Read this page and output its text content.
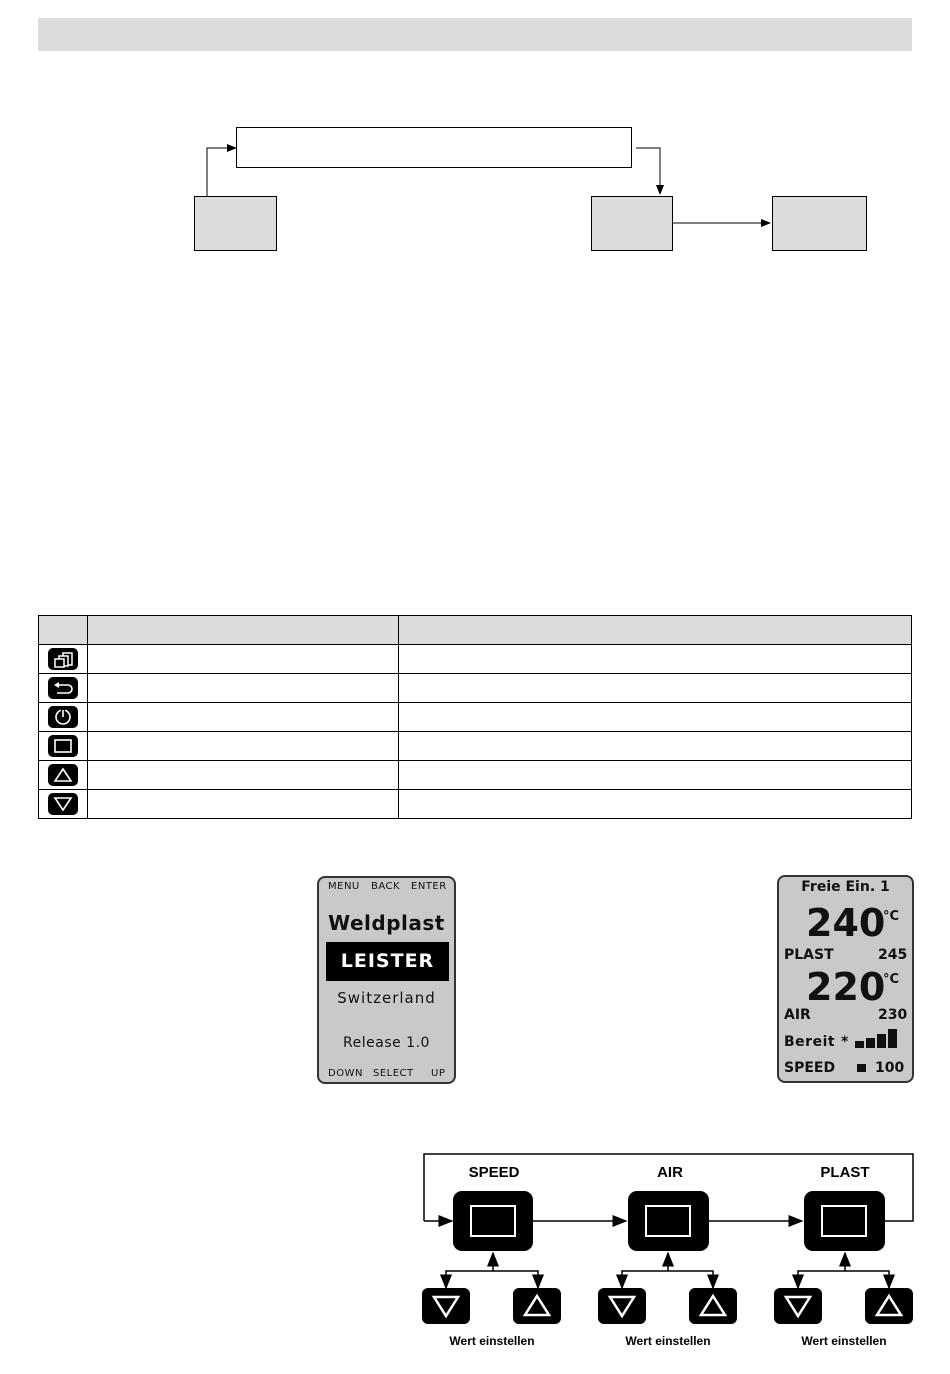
MENU BACK ENTER
Weldplast
LEISTER
Switzerland
Release 1.0
DOWN SELECT UP
Freie Ein. 1
240
°C
PLAST	245
220
°C
AIR	230
Bereit *
SPEED	100
SPEED	AIR	PLAST
Wert einstellen	Wert einstellen	Wert einstellen
